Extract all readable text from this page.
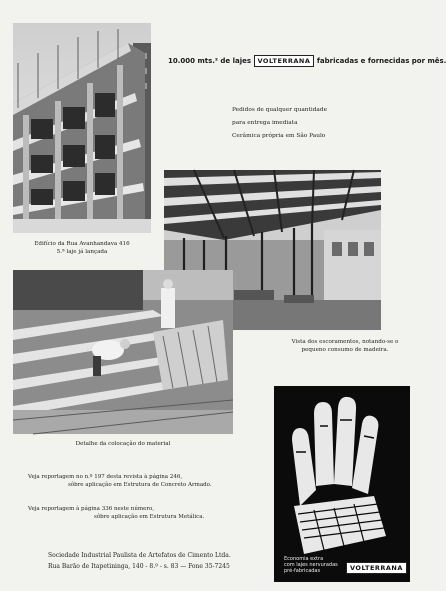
10.000 mts.² de lajes VOLTERRANA fabricadas e fornecidas por mês.
Pedidos de qualquer quantidade
para entrega imediata
Cerâmica própria em São Paulo
Edifício da Rua Avanhandava 416
5.ª laje já lançada
Vista dos escoramentos, notando-se o
pequeno consumo de madeira.
Detalhe da colocação do material
Veja reportagem no n.º 197 desta revista à página 246,
sôbre aplicação em Estrutura de Concreto Armado.
Veja reportagem à página 336 neste número,
sôbre aplicação em Estrutura Metálica.
Sociedade Industrial Paulista de Artefatos de Cimento Ltda.
Rua Barão de Itapetininga, 140 - 8.º - s. 83 — Fone 35-7245
Economia extra
com lajes nervuradas
pré-fabricadas	VOLTERRANA
